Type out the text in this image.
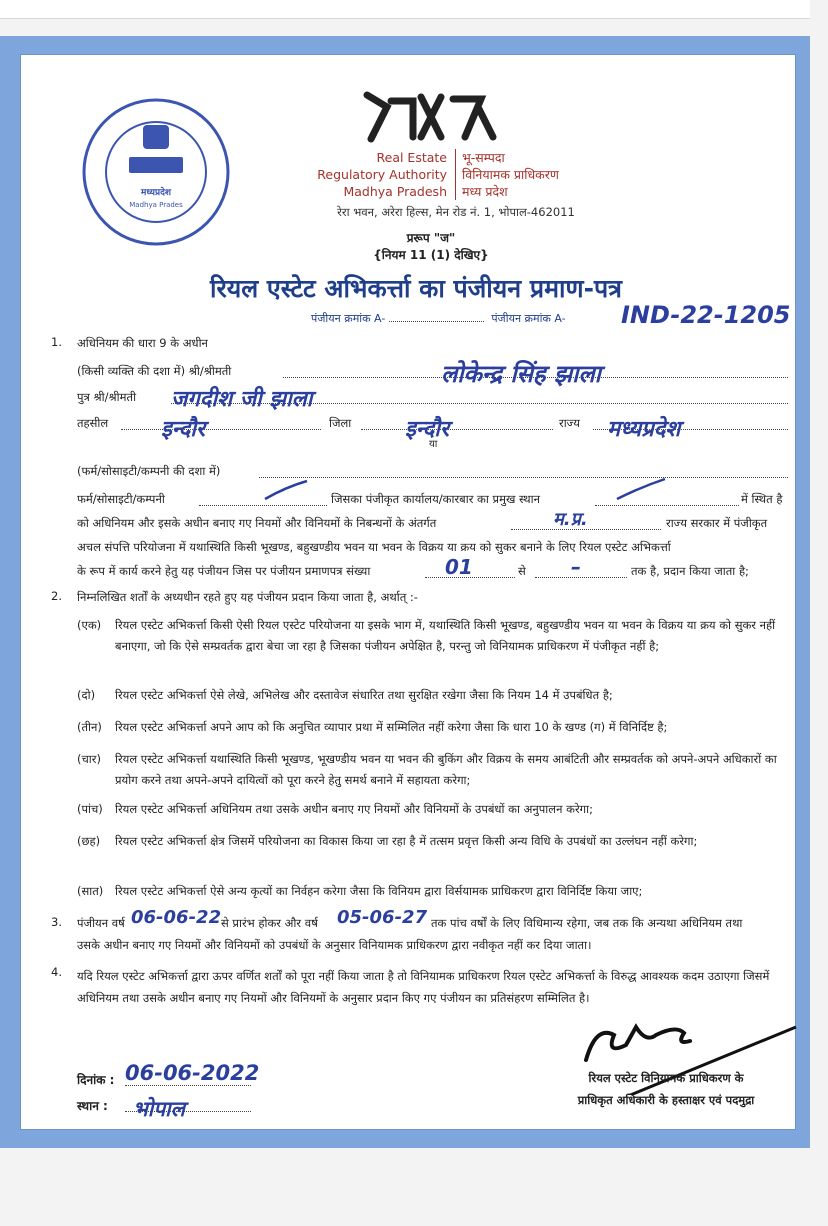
मध्यप्रदेश
Madhya Prades
Real Estate
Regulatory Authority
Madhya Pradesh
भू-सम्पदा
विनियामक प्राधिकरण
मध्य प्रदेश
रेरा भवन, अरेरा हिल्स, मेन रोड नं. 1, भोपाल-462011
प्ररूप "ज"
{नियम 11 (1) देखिए}
रियल एस्टेट अभिकर्त्ता का पंजीयन प्रमाण-पत्र
पंजीयन क्रमांक A-	पंजीयन क्रमांक A- IND-22-1205
1. अधिनियम की धारा 9 के अधीन
(किसी व्यक्ति की दशा में) श्री/श्रीमती	लोकेन्द्र सिंह झाला
पुत्र श्री/श्रीमती जगदीश जी झाला
तहसील इन्दौर	जिला इन्दौर	राज्य मध्यप्रदेश
या
(फर्म/सोसाइटी/कम्पनी की दशा में)
फर्म/सोसाइटी/कम्पनी	जिसका पंजीकृत कार्यालय/कारबार का प्रमुख स्थान	में स्थित है
को अधिनियम और इसके अधीन बनाए गए नियमों और विनियमों के निबन्धनों के अंतर्गत	म.प्र.	राज्य सरकार में पंजीकृत
अचल संपत्ति परियोजना में यथास्थिति किसी भूखण्ड, बहुखण्डीय भवन या भवन के विक्रय या क्रय को सुकर बनाने के लिए रियल एस्टेट अभिकर्त्ता
के रूप में कार्य करने हेतु यह पंजीयन जिस पर पंजीयन प्रमाणपत्र संख्या	01	से –	तक है, प्रदान किया जाता है;
2. निम्नलिखित शर्तों के अध्यधीन रहते हुए यह पंजीयन प्रदान किया जाता है, अर्थात् :-
(एक) रियल एस्टेट अभिकर्त्ता किसी ऐसी रियल एस्टेट परियोजना या इसके भाग में, यथास्थिति किसी भूखण्ड, बहुखण्डीय भवन या भवन के विक्रय या क्रय को सुकर नहीं बनाएगा, जो कि ऐसे सम्प्रवर्तक द्वारा बेचा जा रहा है जिसका पंजीयन अपेक्षित है, परन्तु जो विनियामक प्राधिकरण में पंजीकृत नहीं है;
(दो) रियल एस्टेट अभिकर्त्ता ऐसे लेखे, अभिलेख और दस्तावेज संधारित तथा सुरक्षित रखेगा जैसा कि नियम 14 में उपबंधित है;
(तीन) रियल एस्टेट अभिकर्त्ता अपने आप को कि अनुचित व्यापार प्रथा में सम्मिलित नहीं करेगा जैसा कि धारा 10 के खण्ड (ग) में विनिर्दिष्ट है;
(चार) रियल एस्टेट अभिकर्त्ता यथास्थिति किसी भूखण्ड, भूखण्डीय भवन या भवन की बुकिंग और विक्रय के समय आबंटिती और सम्प्रवर्तक को अपने-अपने अधिकारों का प्रयोग करने तथा अपने-अपने दायित्वों को पूरा करने हेतु समर्थ बनाने में सहायता करेगा;
(पांच) रियल एस्टेट अभिकर्त्ता अधिनियम तथा उसके अधीन बनाए गए नियमों और विनियमों के उपबंधों का अनुपालन करेगा;
(छह) रियल एस्टेट अभिकर्त्ता क्षेत्र जिसमें परियोजना का विकास किया जा रहा है में तत्सम प्रवृत्त किसी अन्य विधि के उपबंधों का उल्लंघन नहीं करेगा;
(सात) रियल एस्टेट अभिकर्त्ता ऐसे अन्य कृत्यों का निर्वहन करेगा जैसा कि विनियम द्वारा विर्सयामक प्राधिकरण द्वारा विनिर्दिष्ट किया जाए;
3. पंजीयन वर्ष 06-06-22 से प्रारंभ होकर और वर्ष 05-06-27 तक पांच वर्षों के लिए विधिमान्य रहेगा, जब तक कि अन्यथा अधिनियम तथा
उसके अधीन बनाए गए नियमों और विनियमों को उपबंधों के अनुसार विनियामक प्राधिकरण द्वारा नवीकृत नहीं कर दिया जाता।
4. यदि रियल एस्टेट अभिकर्त्ता द्वारा ऊपर वर्णित शर्तों को पूरा नहीं किया जाता है तो विनियामक प्राधिकरण रियल एस्टेट अभिकर्त्ता के विरुद्ध आवश्यक कदम उठाएगा जिसमें अधिनियम तथा उसके अधीन बनाए गए नियमों और विनियमों के अनुसार प्रदान किए गए पंजीयन का प्रतिसंहरण सम्मिलित है।
दिनांक : 06-06-2022
स्थान : भोपाल
रियल एस्टेट विनियामक प्राधिकरण के
प्राधिकृत अधिकारी के हस्ताक्षर एवं पदमुद्रा
